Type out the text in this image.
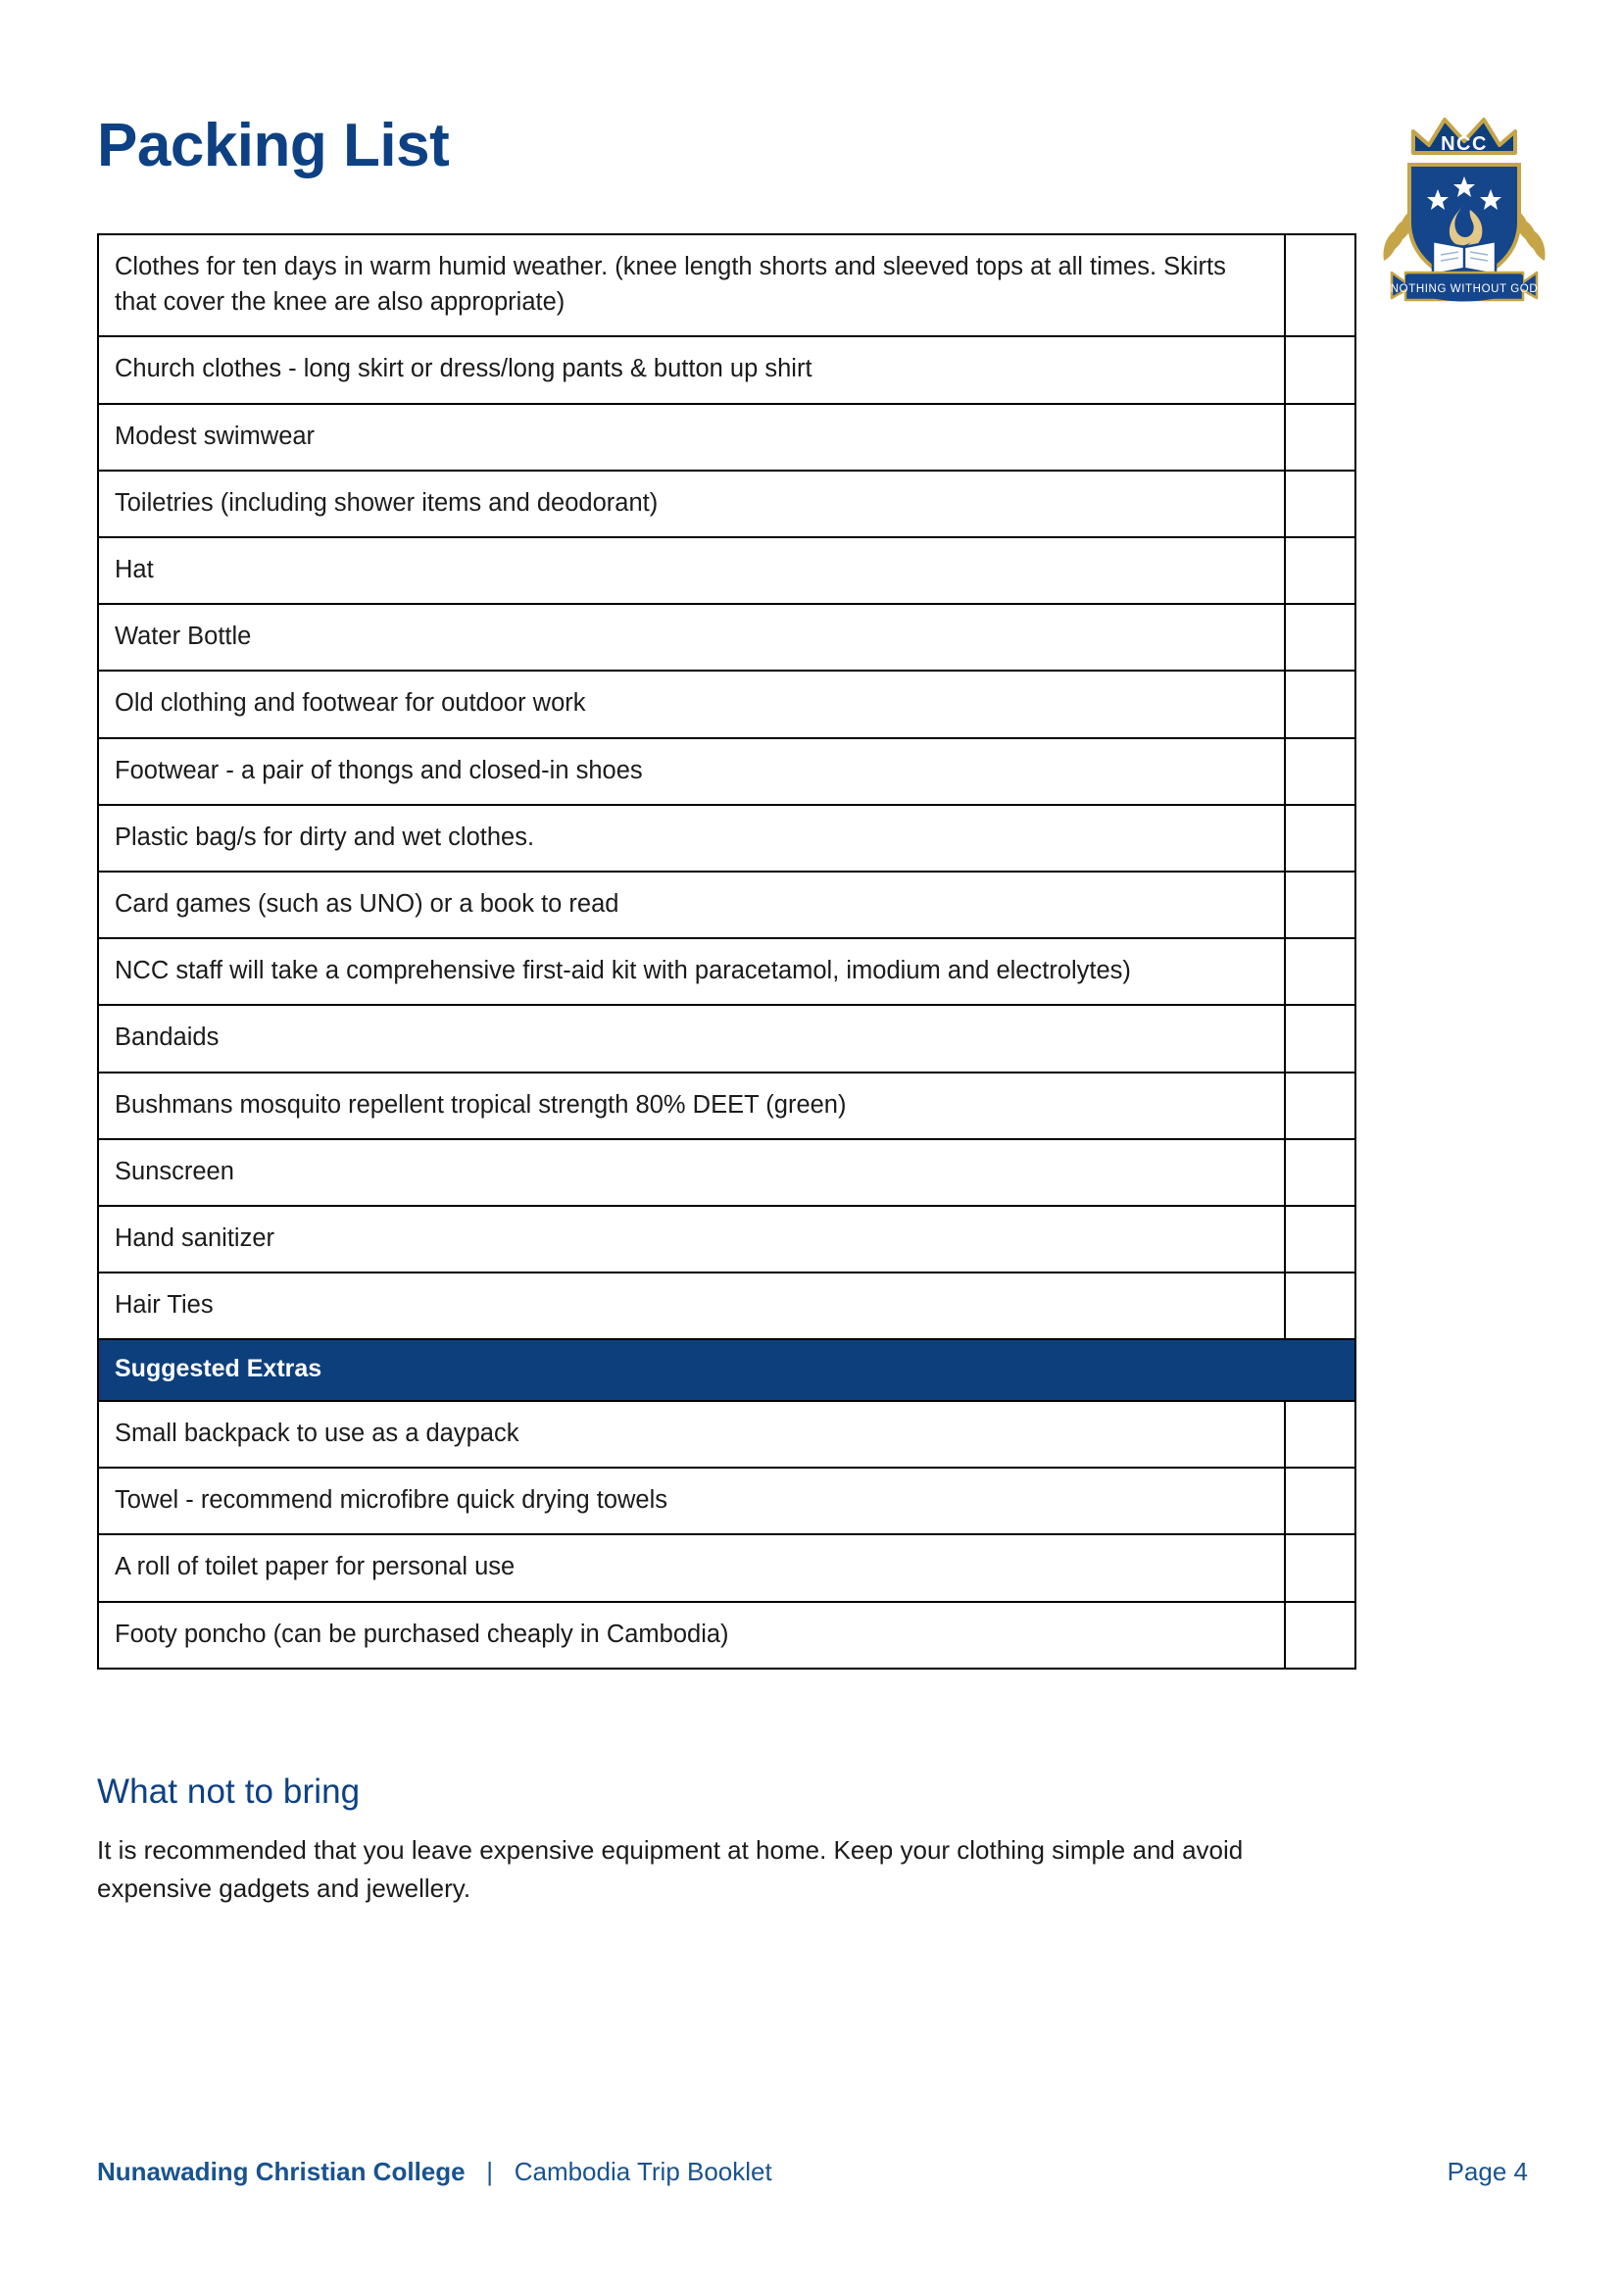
Packing List	NCC
NOTHING WITHOUT GOD
Clothes for ten days in warm humid weather. (knee length shorts and sleeved tops at all times. Skirts that cover the knee are also appropriate)	
Church clothes - long skirt or dress/long pants & button up shirt	
Modest swimwear	
Toiletries (including shower items and deodorant)	
Hat	
Water Bottle	
Old clothing and footwear for outdoor work	
Footwear - a pair of thongs and closed-in shoes	
Plastic bag/s for dirty and wet clothes.	
Card games (such as UNO) or a book to read	
NCC staff will take a comprehensive first-aid kit with paracetamol, imodium and electrolytes)	
Bandaids	
Bushmans mosquito repellent tropical strength 80% DEET (green)	
Sunscreen	
Hand sanitizer	
Hair Ties	
Suggested Extras	
Small backpack to use as a daypack	
Towel - recommend microfibre quick drying towels	
A roll of toilet paper for personal use	
Footy poncho (can be purchased cheaply in Cambodia)	
What not to bring

It is recommended that you leave expensive equipment at home. Keep your clothing simple and avoid expensive gadgets and jewellery.

Nunawading Christian College | Cambodia Trip Booklet	Page 4
